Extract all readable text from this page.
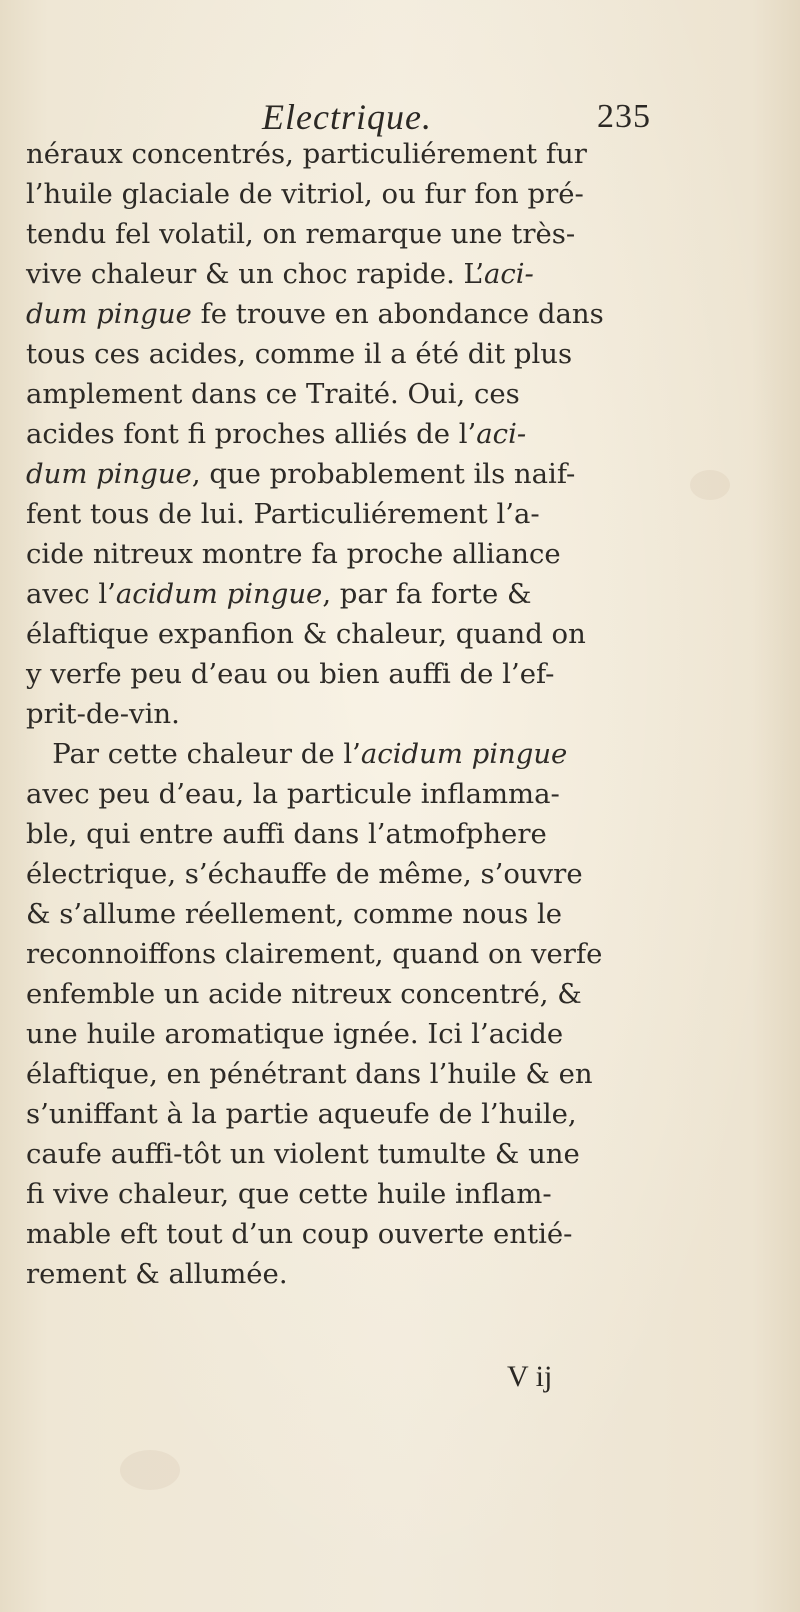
Electrique.	235
néraux concentrés, particuliérement fur
l’huile glaciale de vitriol, ou fur fon pré-
tendu fel volatil, on remarque une très-
vive chaleur & un choc rapide. L’aci-
dum pingue fe trouve en abondance dans
tous ces acides, comme il a été dit plus
amplement dans ce Traité. Oui, ces
acides font fi proches alliés de l’aci-
dum pingue, que probablement ils naif-
fent tous de lui. Particuliérement l’a-
cide nitreux montre fa proche alliance
avec l’acidum pingue, par fa forte &
élaftique expanfion & chaleur, quand on
y verfe peu d’eau ou bien auffi de l’ef-
prit-de-vin.
Par cette chaleur de l’acidum pingue
avec peu d’eau, la particule inflamma-
ble, qui entre auffi dans l’atmofphere
électrique, s’échauffe de même, s’ouvre
& s’allume réellement, comme nous le
reconnoiffons clairement, quand on verfe
enfemble un acide nitreux concentré, &
une huile aromatique ignée. Ici l’acide
élaftique, en pénétrant dans l’huile & en
s’uniffant à la partie aqueufe de l’huile,
caufe auffi-tôt un violent tumulte & une
fi vive chaleur, que cette huile inflam-
mable eft tout d’un coup ouverte entié-
rement & allumée.
V ij
